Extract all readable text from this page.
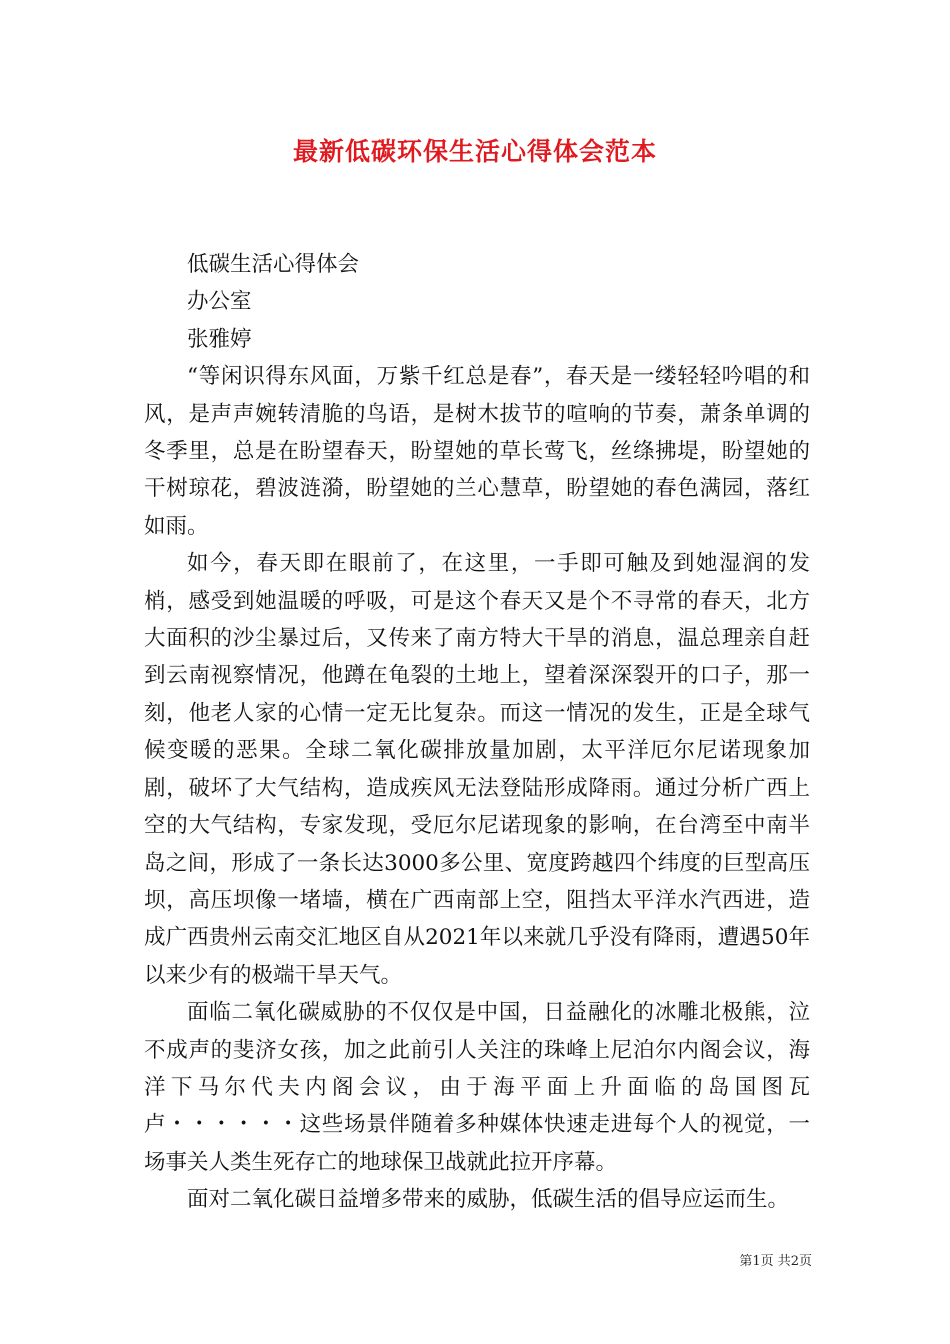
最新低碳环保生活心得体会范本

低碳生活心得体会

办公室

张雅婷

“等闲识得东风面，万紫千红总是春”，春天是一缕轻轻吟唱的和风，是声声婉转清脆的鸟语，是树木拔节的喧响的节奏，萧条单调的冬季里，总是在盼望春天，盼望她的草长莺飞，丝绦拂堤，盼望她的干树琼花，碧波涟漪，盼望她的兰心慧草，盼望她的春色满园，落红如雨。

如今，春天即在眼前了，在这里，一手即可触及到她湿润的发梢，感受到她温暖的呼吸，可是这个春天又是个不寻常的春天，北方大面积的沙尘暴过后，又传来了南方特大干旱的消息，温总理亲自赶到云南视察情况，他蹲在龟裂的土地上，望着深深裂开的口子，那一刻，他老人家的心情一定无比复杂。而这一情况的发生，正是全球气候变暖的恶果。全球二氧化碳排放量加剧，太平洋厄尔尼诺现象加剧，破坏了大气结构，造成疾风无法登陆形成降雨。通过分析广西上空的大气结构，专家发现，受厄尔尼诺现象的影响，在台湾至中南半岛之间，形成了一条长达3000多公里、宽度跨越四个纬度的巨型高压坝，高压坝像一堵墙，横在广西南部上空，阻挡太平洋水汽西进，造成广西贵州云南交汇地区自从2021年以来就几乎没有降雨，遭遇50年以来少有的极端干旱天气。

面临二氧化碳威胁的不仅仅是中国，日益融化的冰雕北极熊，泣不成声的斐济女孩，加之此前引人关注的珠峰上尼泊尔内阁会议，海洋下马尔代夫内阁会议，由于海平面上升面临的岛国图瓦卢・・・・・・这些场景伴随着多种媒体快速走进每个人的视觉，一场事关人类生死存亡的地球保卫战就此拉开序幕。

面对二氧化碳日益增多带来的威胁，低碳生活的倡导应运而生。

第1页 共2页
